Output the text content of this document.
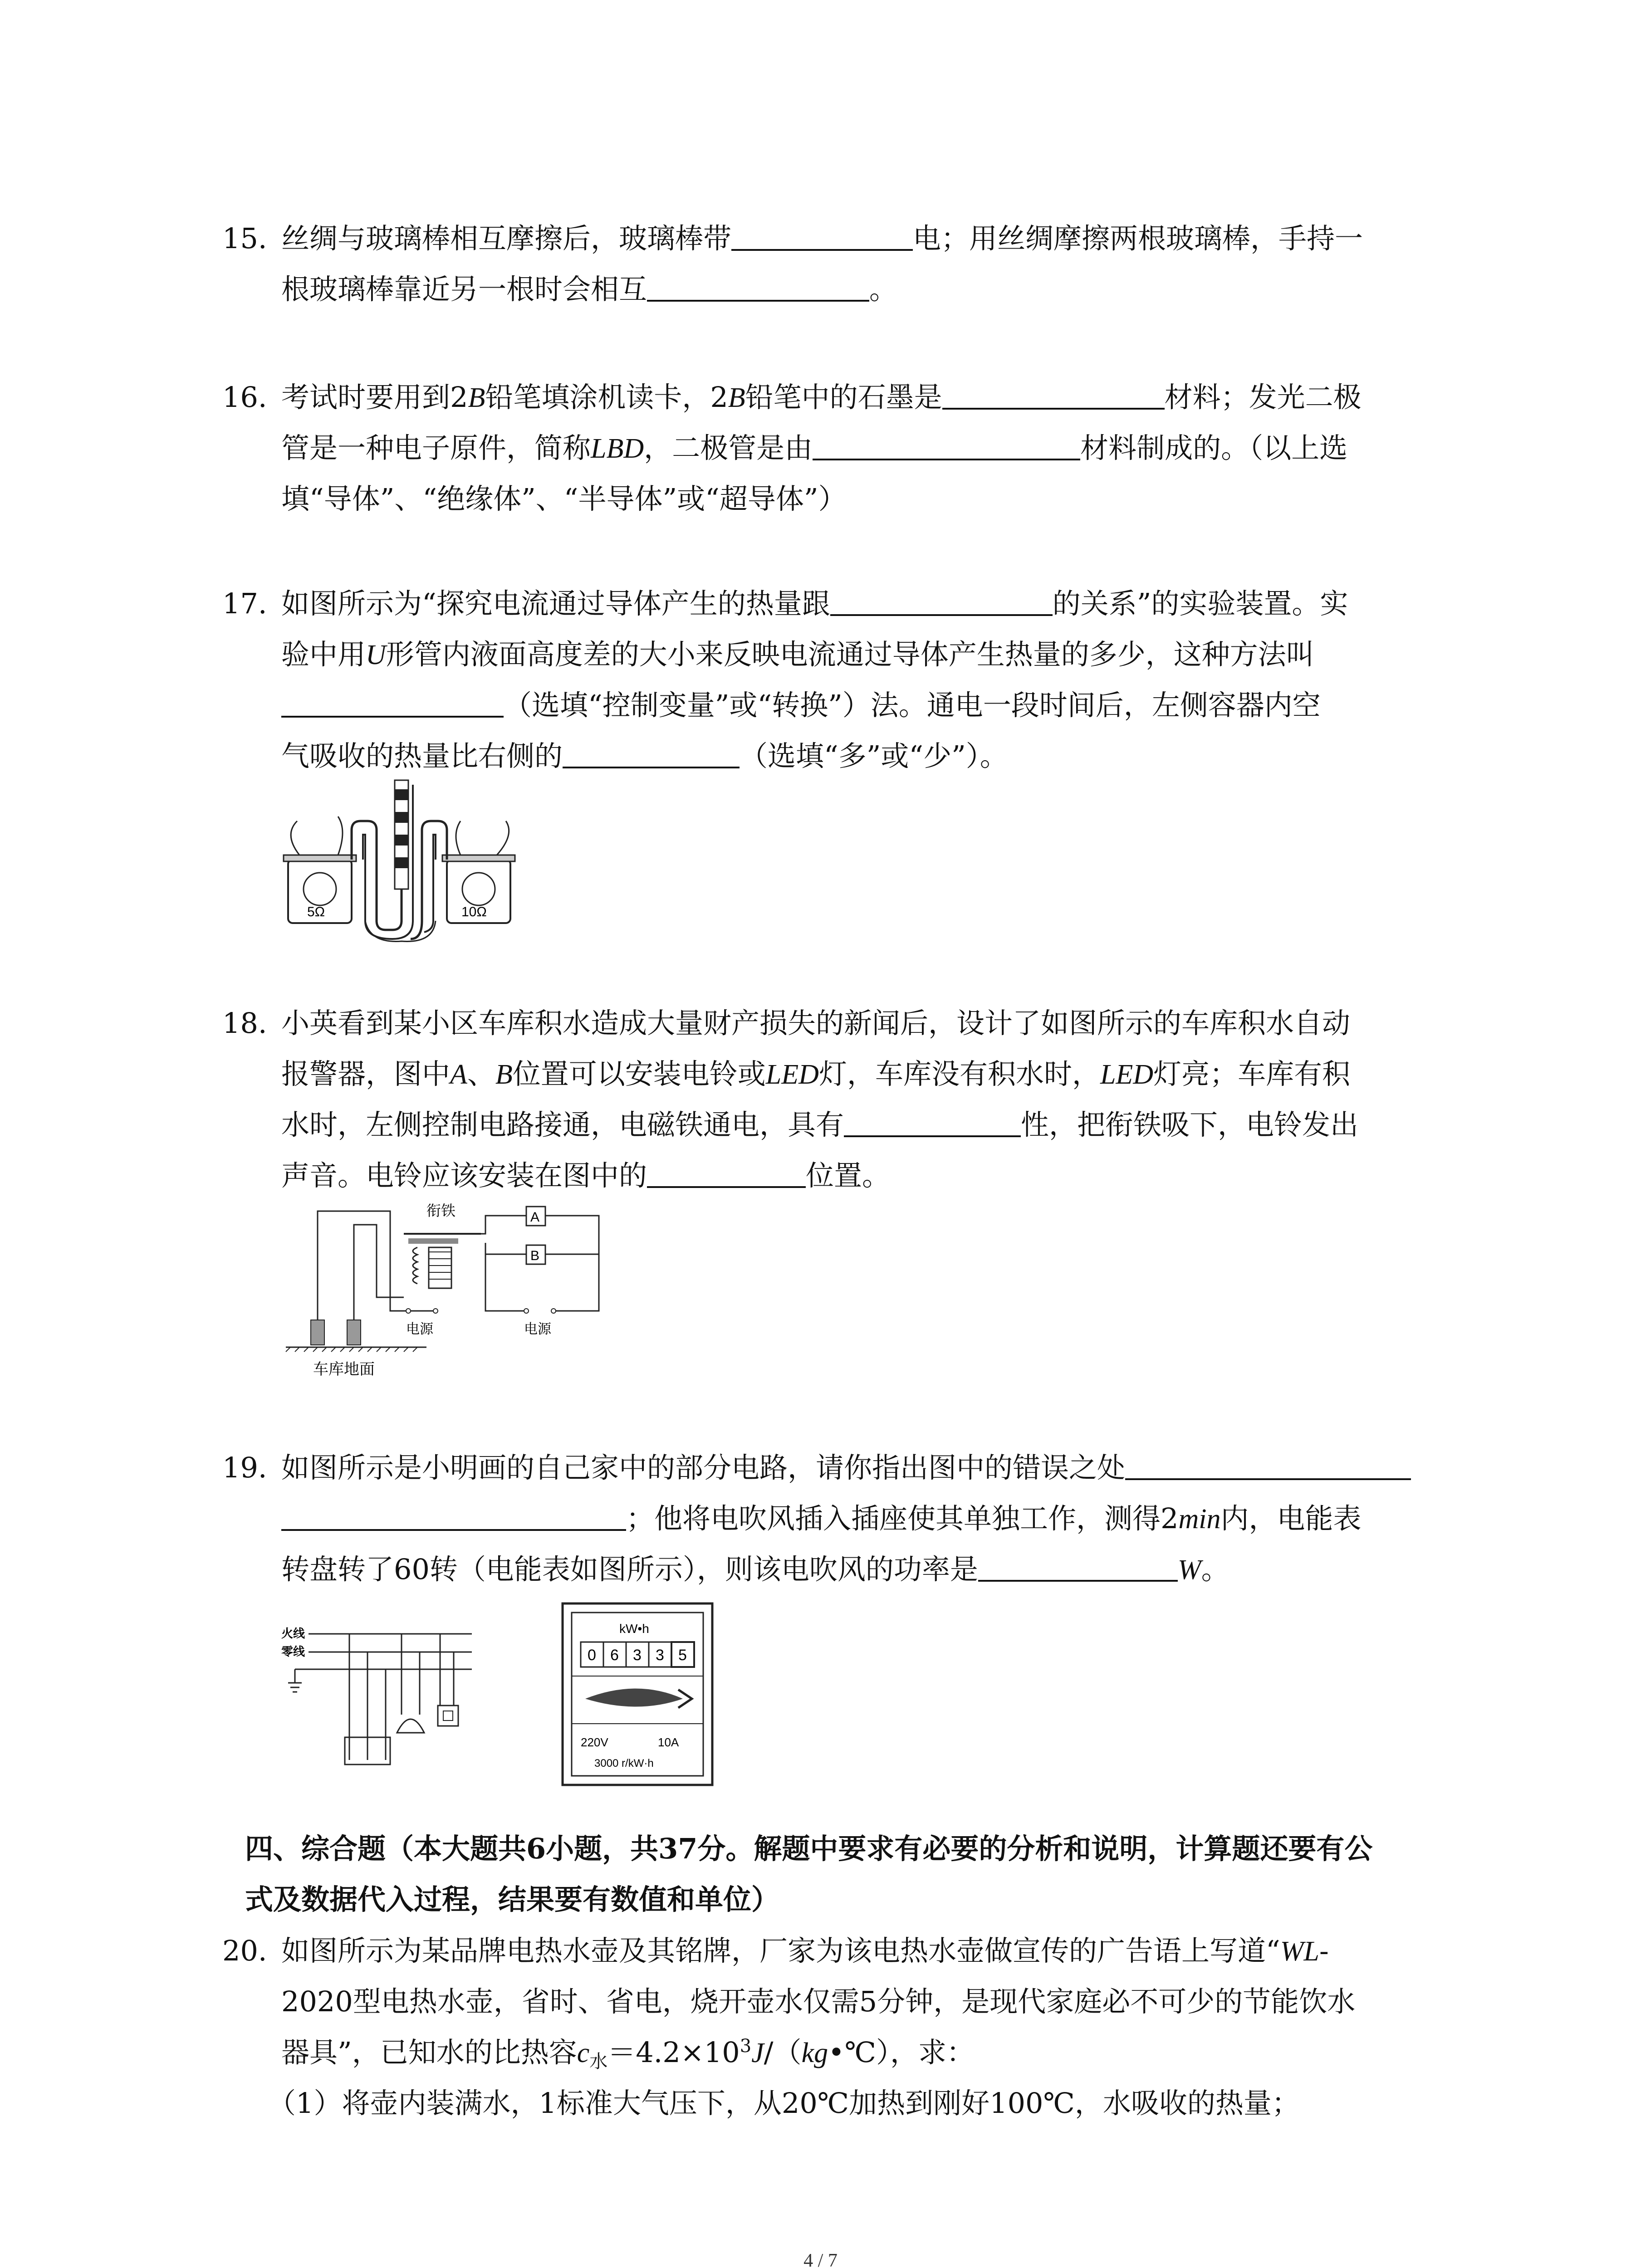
15. 丝绸与玻璃棒相互摩擦后，玻璃棒带	电；用丝绸摩擦两根玻璃棒，手持一
根玻璃棒靠近另一根时会相互	。
16. 考试时要用到2B铅笔填涂机读卡，2B铅笔中的石墨是	材料；发光二极
管是一种电子原件，简称LBD，二极管是由	材料制成的。（以上选
填“导体”、“绝缘体”、“半导体”或“超导体”）
17. 如图所示为“探究电流通过导体产生的热量跟	的关系”的实验装置。实
验中用U形管内液面高度差的大小来反映电流通过导体产生热量的多少，这种方法叫
（选填“控制变量”或“转换”）法。通电一段时间后，左侧容器内空
气吸收的热量比右侧的	（选填“多”或“少”）。
5Ω	10Ω
18. 小英看到某小区车库积水造成大量财产损失的新闻后，设计了如图所示的车库积水自动
报警器，图中A、B位置可以安装电铃或LED灯，车库没有积水时，LED灯亮；车库有积
水时，左侧控制电路接通，电磁铁通电，具有	性，把衔铁吸下，电铃发出
声音。电铃应该安装在图中的	位置。
车库地面
衔铁	A
B
电源	电源
19. 如图所示是小明画的自己家中的部分电路，请你指出图中的错误之处
；他将电吹风插入插座使其单独工作，测得2min内，电能表
转盘转了60转（电能表如图所示），则该电吹风的功率是	W。
火线
零线
kW•h
0 6 3 3 5
220V	10A
3000 r/kW·h
四、综合题（本大题共6小题，共37分。解题中要求有必要的分析和说明，计算题还要有公
式及数据代入过程，结果要有数值和单位）
20. 如图所示为某品牌电热水壶及其铭牌，厂家为该电热水壶做宣传的广告语上写道“WL-
2020型电热水壶，省时、省电，烧开壶水仅需5分钟，是现代家庭必不可少的节能饮水
器具”，已知水的比热容$c_水=4.2\times 10^3J/(kg•℃)$，求：
（1）将壶内装满水，1标准大气压下，从20℃加热到刚好100℃，水吸收的热量；
4 / 7
